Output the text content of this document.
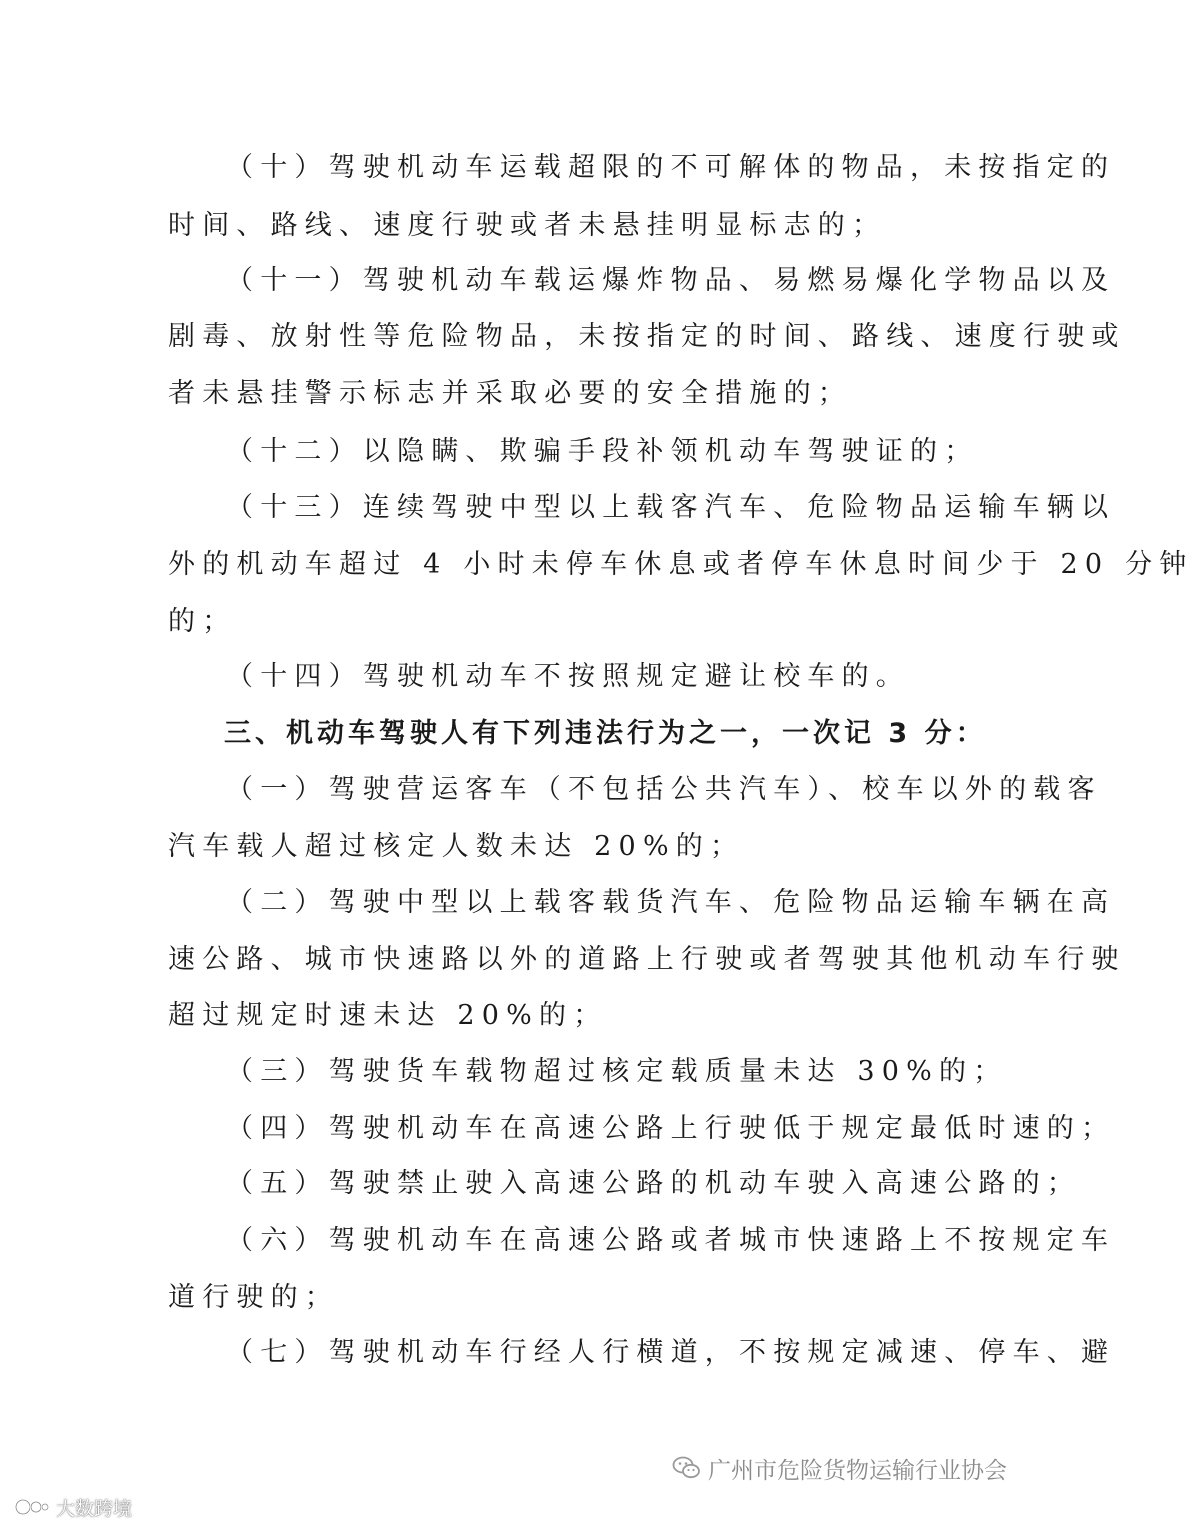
（十）驾驶机动车运载超限的不可解体的物品，未按指定的
时间、路线、速度行驶或者未悬挂明显标志的；
（十一）驾驶机动车载运爆炸物品、易燃易爆化学物品以及
剧毒、放射性等危险物品，未按指定的时间、路线、速度行驶或
者未悬挂警示标志并采取必要的安全措施的；
（十二）以隐瞒、欺骗手段补领机动车驾驶证的；
（十三）连续驾驶中型以上载客汽车、危险物品运输车辆以
外的机动车超过 4 小时未停车休息或者停车休息时间少于 20 分钟
的；
（十四）驾驶机动车不按照规定避让校车的。
三、机动车驾驶人有下列违法行为之一，一次记 3 分：
（一）驾驶营运客车（不包括公共汽车）、校车以外的载客
汽车载人超过核定人数未达 20%的；
（二）驾驶中型以上载客载货汽车、危险物品运输车辆在高
速公路、城市快速路以外的道路上行驶或者驾驶其他机动车行驶
超过规定时速未达 20%的；
（三）驾驶货车载物超过核定载质量未达 30%的；
（四）驾驶机动车在高速公路上行驶低于规定最低时速的；
（五）驾驶禁止驶入高速公路的机动车驶入高速公路的；
（六）驾驶机动车在高速公路或者城市快速路上不按规定车
道行驶的；
（七）驾驶机动车行经人行横道，不按规定减速、停车、避
广州市危险货物运输行业协会
大数跨境
